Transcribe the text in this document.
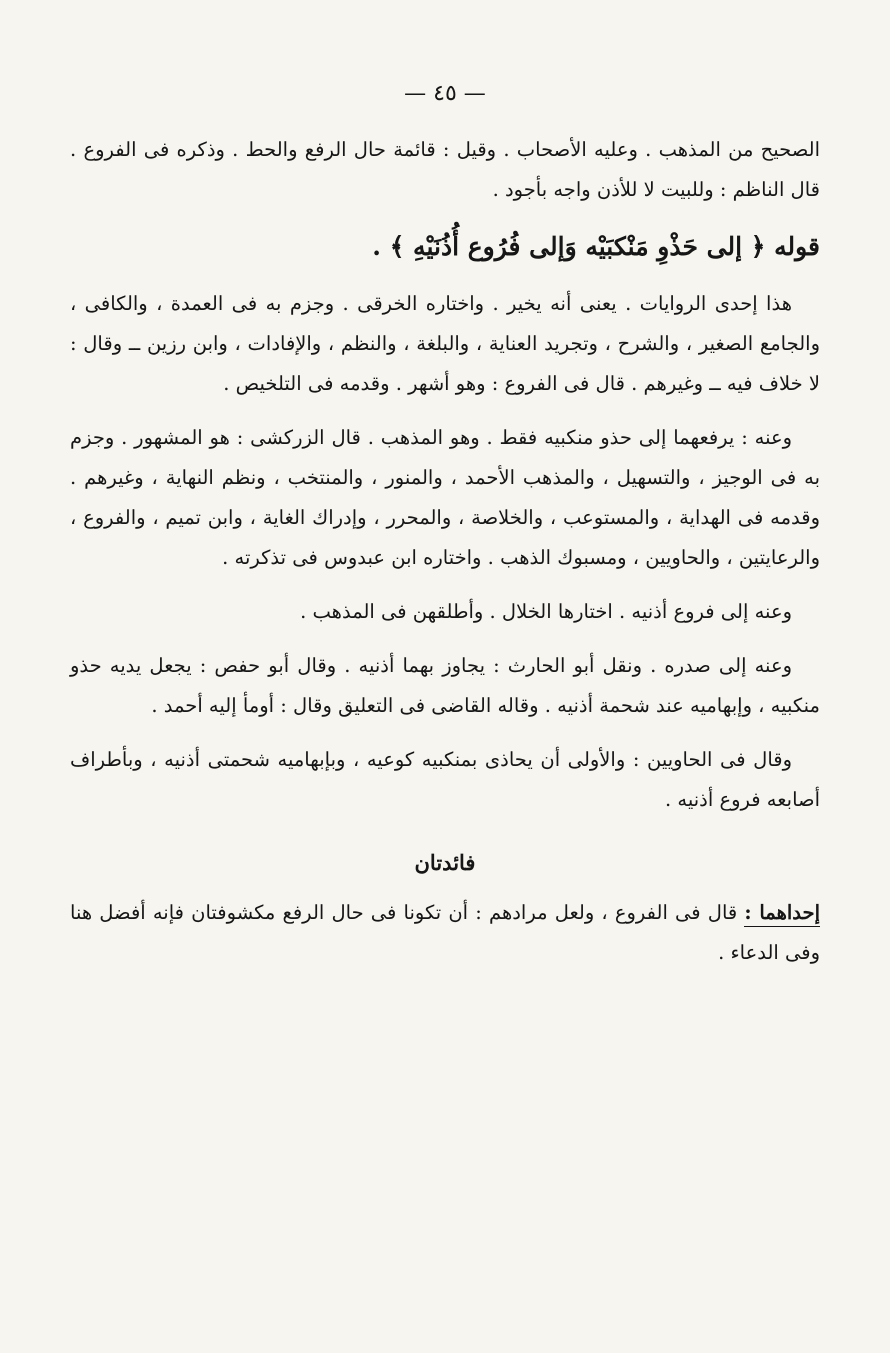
— ٤٥ —
الصحيح من المذهب . وعليه الأصحاب . وقيل : قائمة حال الرفع والحط . وذكره فى الفروع . قال الناظم : وللبيت لا للأذن واجه بأجود .
قوله ﴿ إلى حَذْوِ مَنْكبَيْه وَإلى فُرُوع أُذُنَيْهِ ﴾ .
هذا إحدى الروايات . يعنى أنه يخير . واختاره الخرقى . وجزم به فى العمدة ، والكافى ، والجامع الصغير ، والشرح ، وتجريد العناية ، والبلغة ، والنظم ، والإفادات ، وابن رزين ــ وقال : لا خلاف فيه ــ وغيرهم . قال فى الفروع : وهو أشهر . وقدمه فى التلخيص .
وعنه : يرفعهما إلى حذو منكبيه فقط . وهو المذهب . قال الزركشى : هو المشهور . وجزم به فى الوجيز ، والتسهيل ، والمذهب الأحمد ، والمنور ، والمنتخب ، ونظم النهاية ، وغيرهم . وقدمه فى الهداية ، والمستوعب ، والخلاصة ، والمحرر ، وإدراك الغاية ، وابن تميم ، والفروع ، والرعايتين ، والحاويين ، ومسبوك الذهب . واختاره ابن عبدوس فى تذكرته .
وعنه إلى فروع أذنيه . اختارها الخلال . وأطلقهن فى المذهب .
وعنه إلى صدره . ونقل أبو الحارث : يجاوز بهما أذنيه . وقال أبو حفص : يجعل يديه حذو منكبيه ، وإبهاميه عند شحمة أذنيه . وقاله القاضى فى التعليق وقال : أومأ إليه أحمد .
وقال فى الحاويين : والأولى أن يحاذى بمنكبيه كوعيه ، وبإبهاميه شحمتى أذنيه ، وبأطراف أصابعه فروع أذنيه .
فائدتان
إحداهما : قال فى الفروع ، ولعل مرادهم : أن تكونا فى حال الرفع مكشوفتان فإنه أفضل هنا وفى الدعاء .
